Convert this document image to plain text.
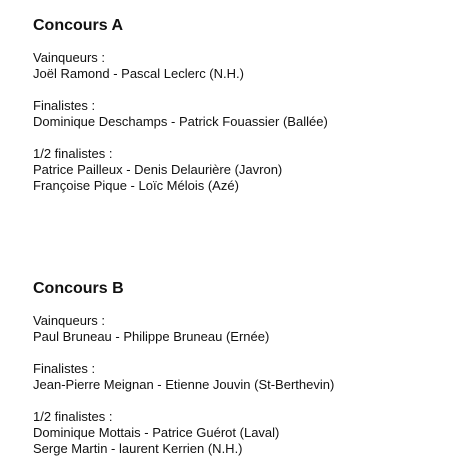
Concours A
Vainqueurs :
Joël Ramond - Pascal Leclerc (N.H.)
Finalistes :
Dominique Deschamps - Patrick Fouassier (Ballée)
1/2 finalistes :
Patrice Pailleux - Denis Delaurière (Javron)
Françoise Pique - Loïc Mélois (Azé)
Concours B
Vainqueurs :
Paul Bruneau - Philippe Bruneau (Ernée)
Finalistes :
Jean-Pierre Meignan - Etienne Jouvin (St-Berthevin)
1/2 finalistes :
Dominique Mottais - Patrice Guérot (Laval)
Serge Martin - laurent Kerrien (N.H.)
